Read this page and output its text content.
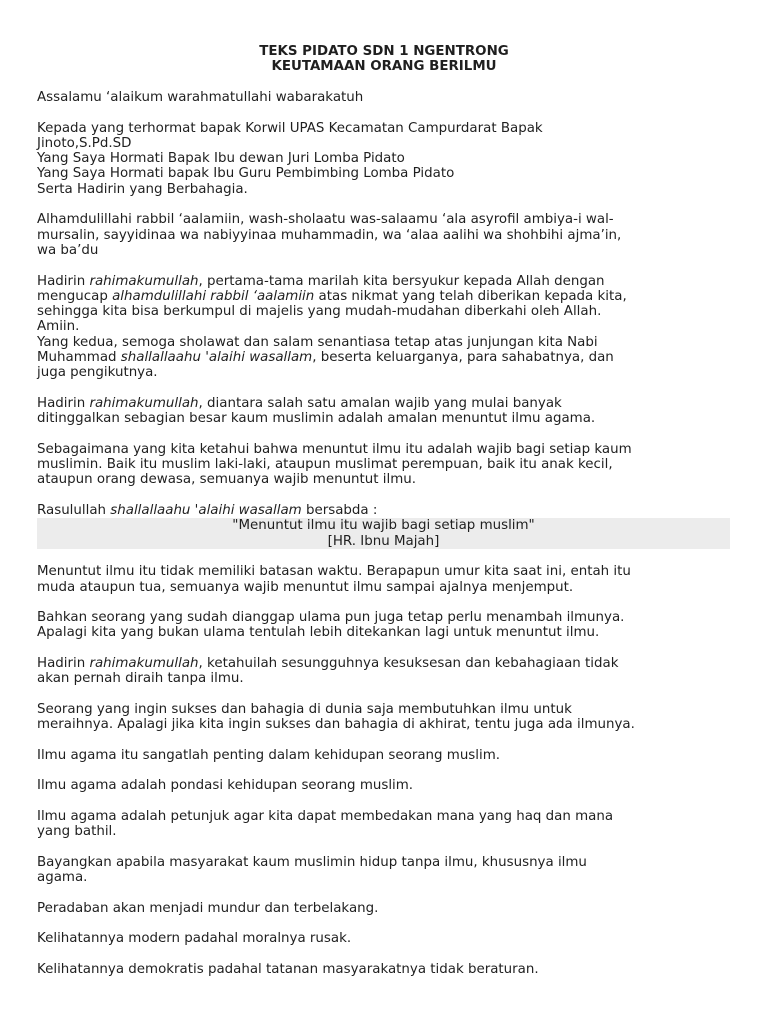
TEKS PIDATO SDN 1 NGENTRONG
KEUTAMAAN ORANG BERILMU

Assalamu ‘alaikum warahmatullahi wabarakatuh

Kepada yang terhormat bapak Korwil UPAS Kecamatan Campurdarat Bapak
Jinoto,S.Pd.SD
Yang Saya Hormati Bapak Ibu dewan Juri Lomba Pidato
Yang Saya Hormati bapak Ibu Guru Pembimbing Lomba Pidato
Serta Hadirin yang Berbahagia.

Alhamdulillahi rabbil ‘aalamiin, wash-sholaatu was-salaamu ‘ala asyrofil ambiya-i wal-
mursalin, sayyidinaa wa nabiyyinaa muhammadin, wa ‘alaa aalihi wa shohbihi ajma’in,
wa ba’du

Hadirin rahimakumullah, pertama-tama marilah kita bersyukur kepada Allah dengan
mengucap alhamdulillahi rabbil ‘aalamiin atas nikmat yang telah diberikan kepada kita,
sehingga kita bisa berkumpul di majelis yang mudah-mudahan diberkahi oleh Allah.
Amiin.
Yang kedua, semoga sholawat dan salam senantiasa tetap atas junjungan kita Nabi
Muhammad shallallaahu 'alaihi wasallam, beserta keluarganya, para sahabatnya, dan
juga pengikutnya.

Hadirin rahimakumullah, diantara salah satu amalan wajib yang mulai banyak
ditinggalkan sebagian besar kaum muslimin adalah amalan menuntut ilmu agama.

Sebagaimana yang kita ketahui bahwa menuntut ilmu itu adalah wajib bagi setiap kaum
muslimin. Baik itu muslim laki-laki, ataupun muslimat perempuan, baik itu anak kecil,
ataupun orang dewasa, semuanya wajib menuntut ilmu.

Rasulullah shallallaahu 'alaihi wasallam bersabda :

"Menuntut ilmu itu wajib bagi setiap muslim"
[HR. Ibnu Majah]

Menuntut ilmu itu tidak memiliki batasan waktu. Berapapun umur kita saat ini, entah itu
muda ataupun tua, semuanya wajib menuntut ilmu sampai ajalnya menjemput.

Bahkan seorang yang sudah dianggap ulama pun juga tetap perlu menambah ilmunya.
Apalagi kita yang bukan ulama tentulah lebih ditekankan lagi untuk menuntut ilmu.

Hadirin rahimakumullah, ketahuilah sesungguhnya kesuksesan dan kebahagiaan tidak
akan pernah diraih tanpa ilmu.

Seorang yang ingin sukses dan bahagia di dunia saja membutuhkan ilmu untuk
meraihnya. Apalagi jika kita ingin sukses dan bahagia di akhirat, tentu juga ada ilmunya.

Ilmu agama itu sangatlah penting dalam kehidupan seorang muslim.

Ilmu agama adalah pondasi kehidupan seorang muslim.

Ilmu agama adalah petunjuk agar kita dapat membedakan mana yang haq dan mana
yang bathil.

Bayangkan apabila masyarakat kaum muslimin hidup tanpa ilmu, khususnya ilmu
agama.

Peradaban akan menjadi mundur dan terbelakang.

Kelihatannya modern padahal moralnya rusak.

Kelihatannya demokratis padahal tatanan masyarakatnya tidak beraturan.
